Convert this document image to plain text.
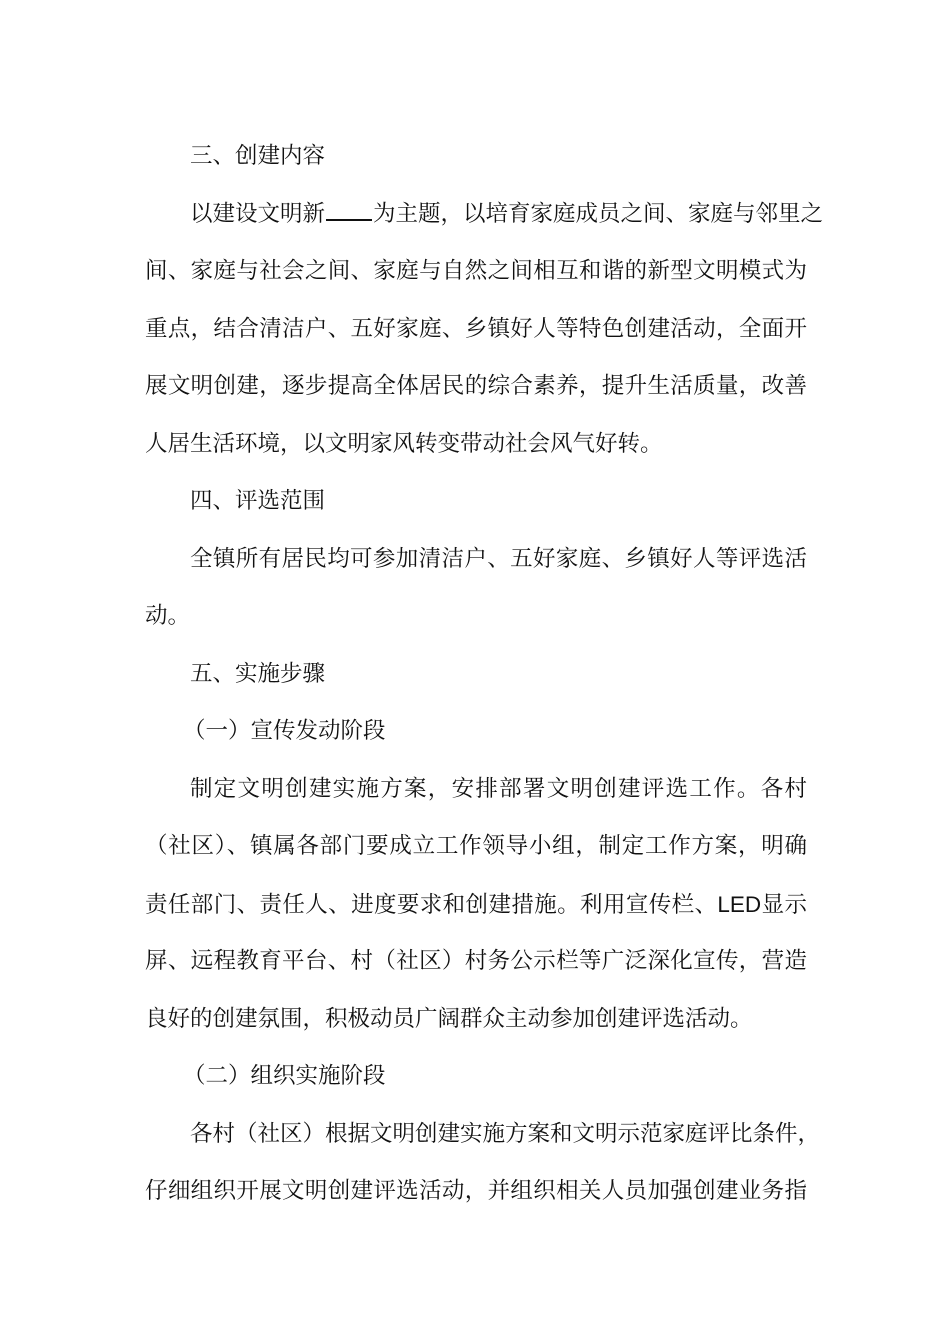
三、创建内容
以建设文明新 为主题，以培育家庭成员之间、家庭与邻里之
间、家庭与社会之间、家庭与自然之间相互和谐的新型文明模式为
重点，结合清洁户、五好家庭、乡镇好人等特色创建活动，全面开
展文明创建，逐步提高全体居民的综合素养，提升生活质量，改善
人居生活环境，以文明家风转变带动社会风气好转。
四、评选范围
全镇所有居民均可参加清洁户、五好家庭、乡镇好人等评选活
动。
五、实施步骤
（一）宣传发动阶段
制定文明创建实施方案，安排部署文明创建评选工作。各村
（社区）、镇属各部门要成立工作领导小组，制定工作方案，明确
责任部门、责任人、进度要求和创建措施。利用宣传栏、LED显示
屏、远程教育平台、村（社区）村务公示栏等广泛深化宣传，营造
良好的创建氛围，积极动员广阔群众主动参加创建评选活动。
（二）组织实施阶段
各村（社区）根据文明创建实施方案和文明示范家庭评比条件，
仔细组织开展文明创建评选活动，并组织相关人员加强创建业务指
